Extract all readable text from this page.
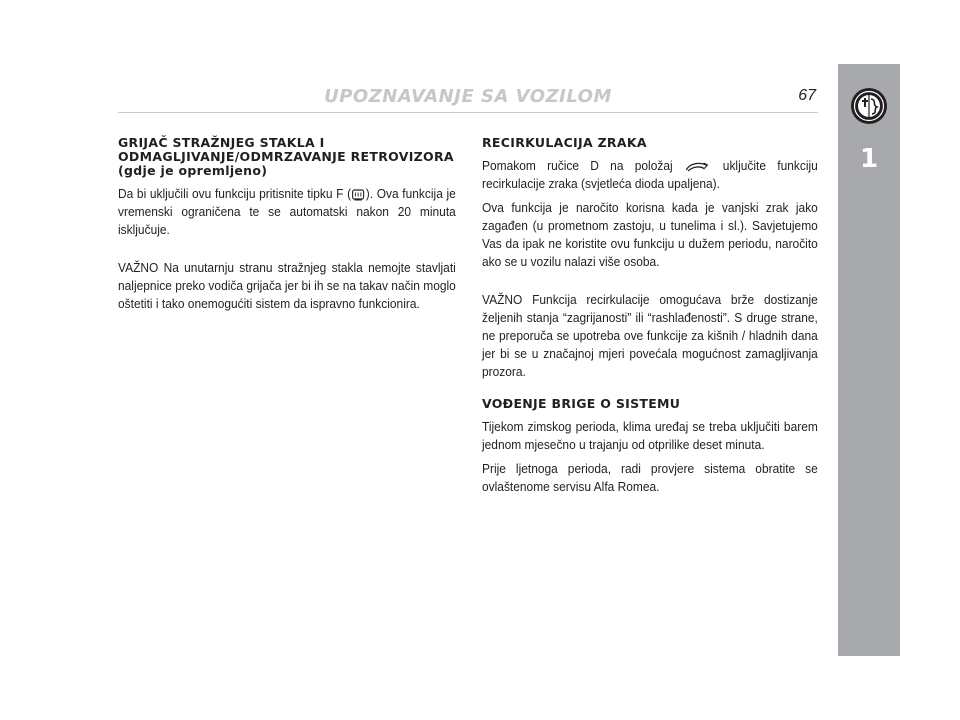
UPOZNAVANJE SA VOZILOM	67
1
GRIJAČ STRAŽNJEG STAKLA I ODMAGLJIVANJE/ODMRZAVANJE RETROVIZORA (gdje je opremljeno)

Da bi uključili ovu funkciju pritisnite tipku F ( ). Ova funkcija je vremenski ograničena te se automatski nakon 20 minuta isključuje.

VAŽNO Na unutarnju stranu stražnjeg stakla nemojte stavljati naljepnice preko vodiča grijača jer bi ih se na takav način moglo oštetiti i tako onemogućiti sistem da ispravno funkcionira.

RECIRKULACIJA ZRAKA

Pomakom ručice D na položaj  uključite funkciju recirkulacije zraka (svjetleća dioda upaljena).

Ova funkcija je naročito korisna kada je vanjski zrak jako zagađen (u prometnom zastoju, u tunelima i sl.). Savjetujemo Vas da ipak ne koristite ovu funkciju u dužem periodu, naročito ako se u vozilu nalazi više osoba.

VAŽNO Funkcija recirkulacije omogućava brže dostizanje željenih stanja “zagrijanosti” ili “rashlađenosti”. S druge strane, ne preporuča se upotreba ove funkcije za kišnih / hladnih dana jer bi se u značajnoj mjeri povećala mogućnost zamagljivanja prozora.

VOĐENJE BRIGE O SISTEMU

Tijekom zimskog perioda, klima uređaj se treba uključiti barem jednom mjesečno u trajanju od otprilike deset minuta.

Prije ljetnoga perioda, radi provjere sistema obratite se ovlaštenome servisu Alfa Romea.
